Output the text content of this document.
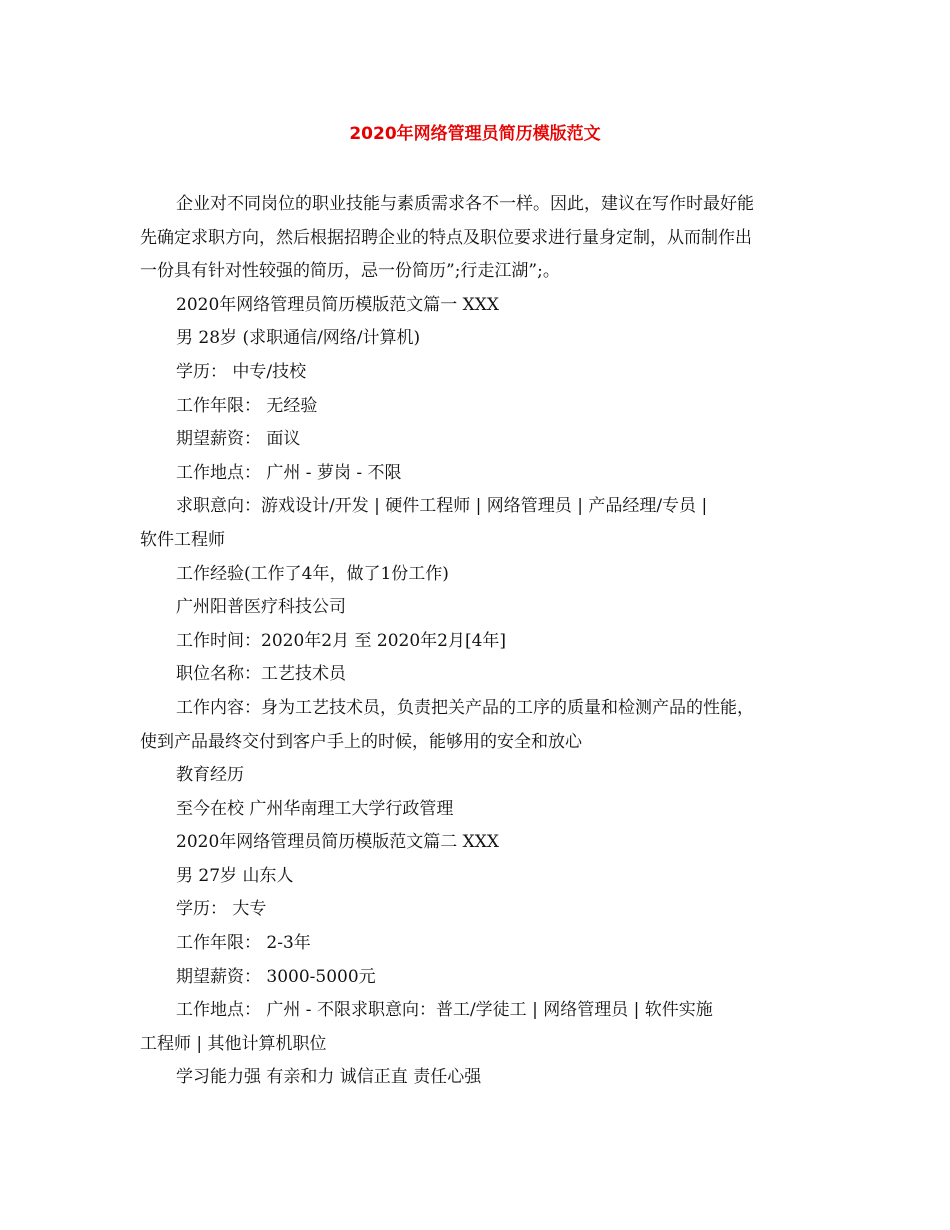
2020年网络管理员简历模版范文
企业对不同岗位的职业技能与素质需求各不一样。因此，建议在写作时最好能
先确定求职方向，然后根据招聘企业的特点及职位要求进行量身定制，从而制作出
一份具有针对性较强的简历，忌一份简历”;行走江湖”;。
2020年网络管理员简历模版范文篇一 XXX
男 28岁 (求职通信/网络/计算机)
学历： 中专/技校
工作年限： 无经验
期望薪资： 面议
工作地点： 广州 - 萝岗 - 不限
求职意向：游戏设计/开发 | 硬件工程师 | 网络管理员 | 产品经理/专员 |
软件工程师
工作经验(工作了4年，做了1份工作)
广州阳普医疗科技公司
工作时间：2020年2月 至 2020年2月[4年]
职位名称：工艺技术员
工作内容：身为工艺技术员，负责把关产品的工序的质量和检测产品的性能，
使到产品最终交付到客户手上的时候，能够用的安全和放心
教育经历
至今在校 广州华南理工大学行政管理
2020年网络管理员简历模版范文篇二 XXX
男 27岁 山东人
学历： 大专
工作年限： 2-3年
期望薪资： 3000-5000元
工作地点： 广州 - 不限求职意向：普工/学徒工 | 网络管理员 | 软件实施
工程师 | 其他计算机职位
学习能力强 有亲和力 诚信正直 责任心强
